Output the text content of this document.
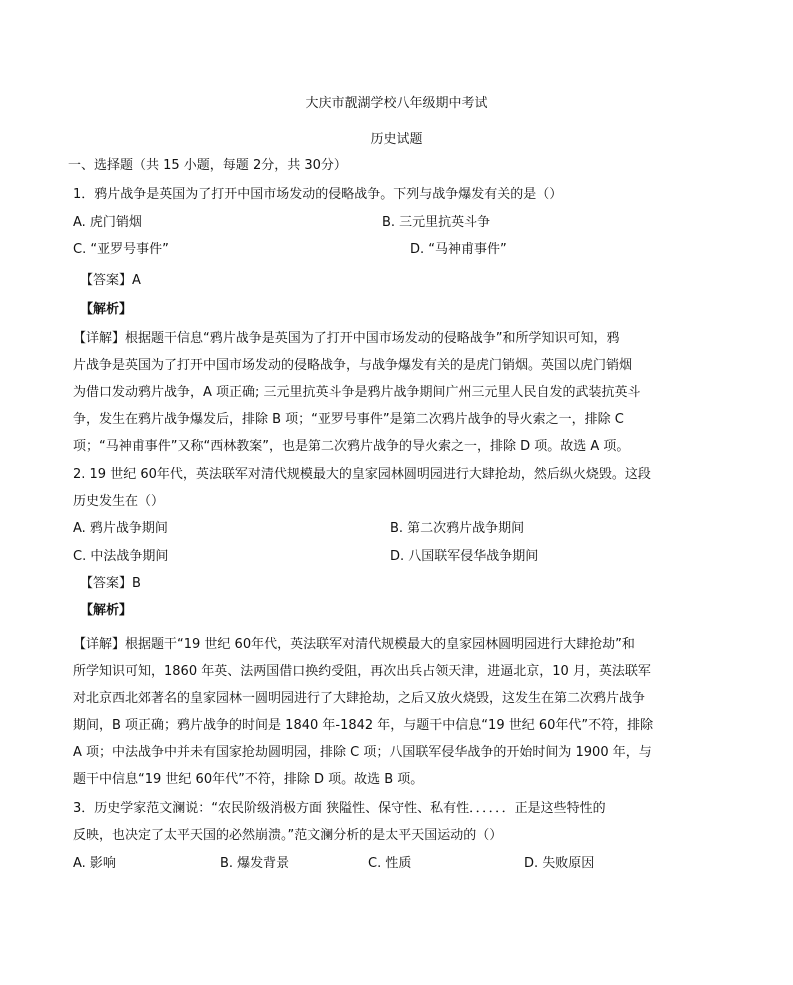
大庆市靓湖学校八年级期中考试
历史试题
一、选择题（共 15 小题，每题 2分，共 30分）
1．鸦片战争是英国为了打开中国市场发动的侵略战争。下列与战争爆发有关的是（）
A. 虎门销烟	B. 三元里抗英斗争
C. “亚罗号事件”	D. “马神甫事件”
【答案】A
【解析】
【详解】根据题干信息“鸦片战争是英国为了打开中国市场发动的侵略战争”和所学知识可知，鸦
片战争是英国为了打开中国市场发动的侵略战争，与战争爆发有关的是虎门销烟。英国以虎门销烟
为借口发动鸦片战争，A 项正确; 三元里抗英斗争是鸦片战争期间广州三元里人民自发的武装抗英斗
争，发生在鸦片战争爆发后，排除 B 项；“亚罗号事件”是第二次鸦片战争的导火索之一，排除 C
项；“马神甫事件”又称“西林教案”，也是第二次鸦片战争的导火索之一，排除 D 项。故选 A 项。
2. 19 世纪 60年代，英法联军对清代规模最大的皇家园林圆明园进行大肆抢劫，然后纵火烧毁。这段
历史发生在（）
A. 鸦片战争期间	B. 第二次鸦片战争期间
C. 中法战争期间	D. 八国联军侵华战争期间
【答案】B
【解析】
【详解】根据题干“19 世纪 60年代，英法联军对清代规模最大的皇家园林圆明园进行大肆抢劫”和
所学知识可知，1860 年英、法两国借口换约受阻，再次出兵占领天津，进逼北京，10 月，英法联军
对北京西北郊著名的皇家园林一圆明园进行了大肆抢劫，之后又放火烧毁，这发生在第二次鸦片战争
期间，B 项正确；鸦片战争的时间是 1840 年-1842 年，与题干中信息“19 世纪 60年代”不符，排除
A 项；中法战争中并未有国家抢劫圆明园，排除 C 项；八国联军侵华战争的开始时间为 1900 年，与
题干中信息“19 世纪 60年代”不符，排除 D 项。故选 B 项。
3．历史学家范文澜说：“农民阶级消极方面 狭隘性、保守性、私有性．．．．．．正是这些特性的
反映，也决定了太平天国的必然崩溃。”范文澜分析的是太平天国运动的（）
A. 影响	B. 爆发背景	C. 性质	D. 失败原因
